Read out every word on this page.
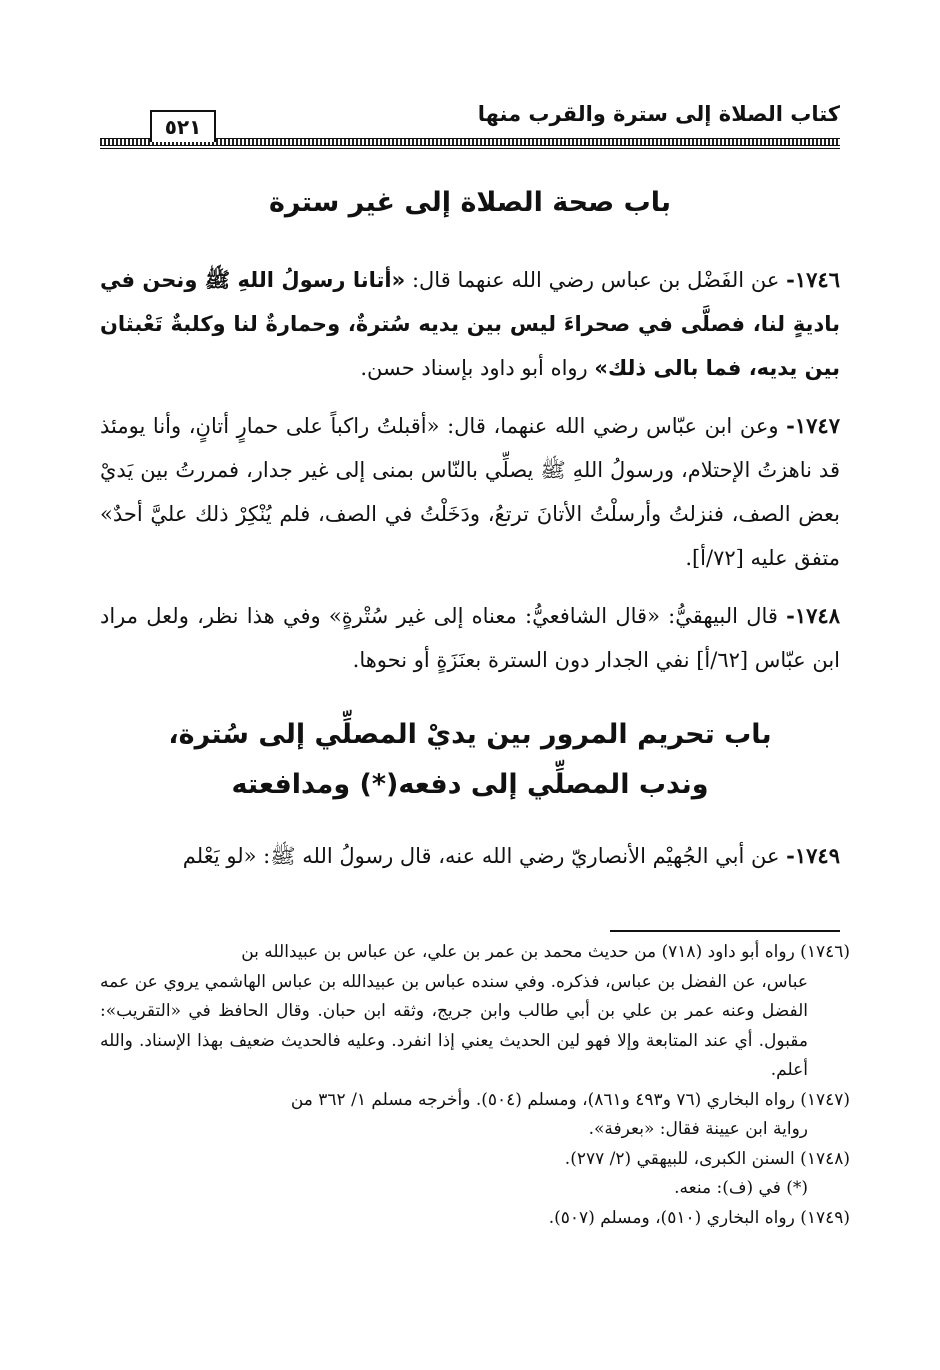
كتاب الصلاة إلى سترة والقرب منها
٥٢١
باب صحة الصلاة إلى غير سترة

١٧٤٦- عن الفَضْل بن عباس رضي الله عنهما قال: «أتانا رسولُ اللهِ ﷺ ونحن في باديةٍ لنا، فصلَّى في صحراءَ ليس بين يديه سُترةٌ، وحمارةٌ لنا وكلبةٌ تَعْبثان بين يديه، فما بالى ذلك» رواه أبو داود بإسناد حسن.

١٧٤٧- وعن ابن عبّاس رضي الله عنهما، قال: «أقبلتُ راكباً على حمارٍ أتانٍ، وأنا يومئذ قد ناهزتُ الإحتلام، ورسولُ اللهِ ﷺ يصلِّي بالنّاس بمنى إلى غير جدار، فمررتُ بين يَديْ بعض الصف، فنزلتُ وأرسلْتُ الأتانَ ترتعُ، ودَخَلْتُ في الصف، فلم يُنْكِرْ ذلك عليَّ أحدٌ» متفق عليه [٧٢/أ].

١٧٤٨- قال البيهقيُّ: «قال الشافعيُّ: معناه إلى غير سُتْرةٍ» وفي هذا نظر، ولعل مراد ابن عبّاس [٦٢/أ] نفي الجدار دون السترة بعنَزَةٍ أو نحوها.

باب تحريم المرور بين يديْ المصلِّي إلى سُترة،
وندب المصلِّي إلى دفعه(*) ومدافعته

١٧٤٩- عن أبي الجُهيْم الأنصاريّ رضي الله عنه، قال رسولُ الله ﷺ: «لو يَعْلم

(١٧٤٦) رواه أبو داود (٧١٨) من حديث محمد بن عمر بن علي، عن عباس بن عبيدالله بن

عباس، عن الفضل بن عباس، فذكره. وفي سنده عباس بن عبيدالله بن عباس الهاشمي يروي عن عمه الفضل وعنه عمر بن علي بن أبي طالب وابن جريج، وثقه ابن حبان. وقال الحافظ في «التقريب»: مقبول. أي عند المتابعة وإلا فهو لين الحديث يعني إذا انفرد. وعليه فالحديث ضعيف بهذا الإسناد. والله أعلم.

(١٧٤٧) رواه البخاري (٧٦ و٤٩٣ و٨٦١)، ومسلم (٥٠٤). وأخرجه مسلم ١/ ٣٦٢ من

رواية ابن عيينة فقال: «بعرفة».

(١٧٤٨) السنن الكبرى، للبيهقي (٢/ ٢٧٧).

(*) في (ف): منعه.

(١٧٤٩) رواه البخاري (٥١٠)، ومسلم (٥٠٧).
